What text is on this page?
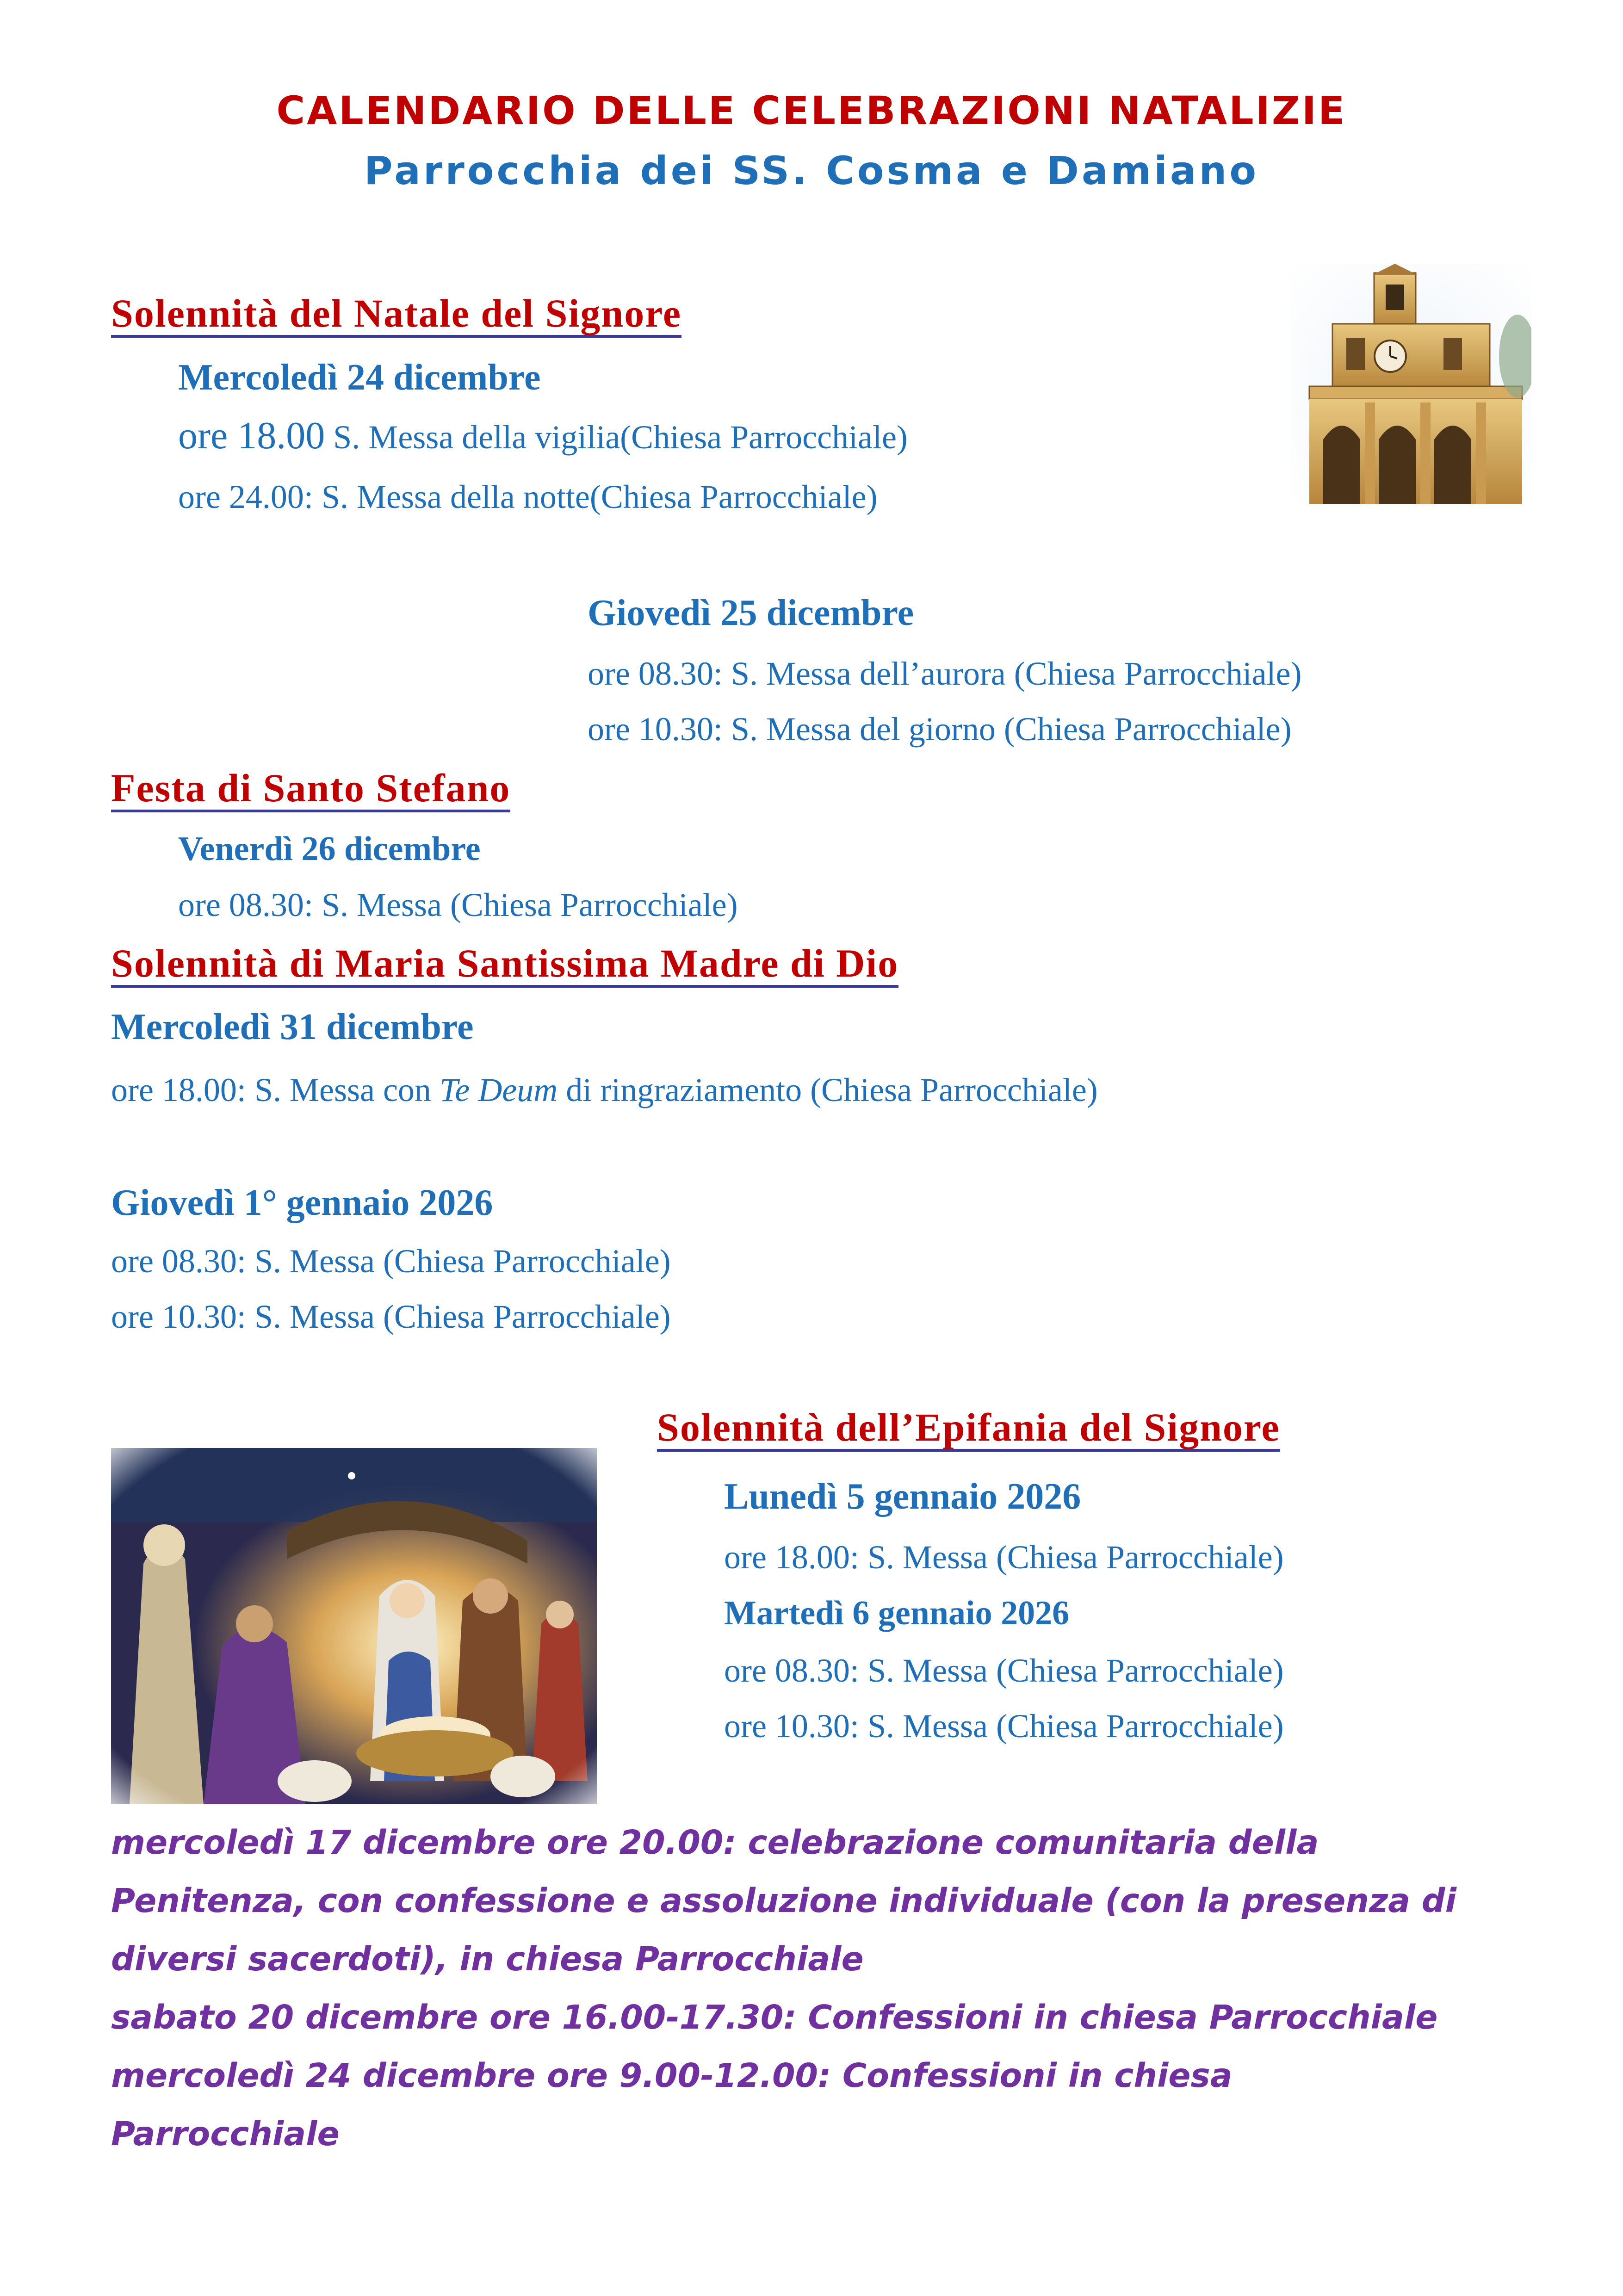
CALENDARIO DELLE CELEBRAZIONI NATALIZIE
Parrocchia dei SS. Cosma e Damiano
Solennità del Natale del Signore
Mercoledì 24 dicembre
ore 18.00 S. Messa della vigilia(Chiesa Parrocchiale)
ore 24.00: S. Messa della notte(Chiesa Parrocchiale)
Giovedì 25 dicembre
ore 08.30: S. Messa dell’aurora (Chiesa Parrocchiale)
ore 10.30: S. Messa del giorno (Chiesa Parrocchiale)
Festa di Santo Stefano
Venerdì 26 dicembre
ore 08.30: S. Messa (Chiesa Parrocchiale)
Solennità di Maria Santissima Madre di Dio
Mercoledì 31 dicembre
ore 18.00: S. Messa con Te Deum di ringraziamento (Chiesa Parrocchiale)
Giovedì 1° gennaio 2026
ore 08.30: S. Messa (Chiesa Parrocchiale)
ore 10.30: S. Messa (Chiesa Parrocchiale)
Solennità dell’Epifania del Signore
Lunedì 5 gennaio 2026
ore 18.00: S. Messa (Chiesa Parrocchiale)
Martedì 6 gennaio 2026
ore 08.30: S. Messa (Chiesa Parrocchiale)
ore 10.30: S. Messa (Chiesa Parrocchiale)
mercoledì 17 dicembre ore 20.00: celebrazione comunitaria della
Penitenza, con confessione e assoluzione individuale (con la presenza di
diversi sacerdoti), in chiesa Parrocchiale
sabato 20 dicembre ore 16.00-17.30: Confessioni in chiesa Parrocchiale
mercoledì 24 dicembre ore 9.00-12.00: Confessioni in chiesa
Parrocchiale
